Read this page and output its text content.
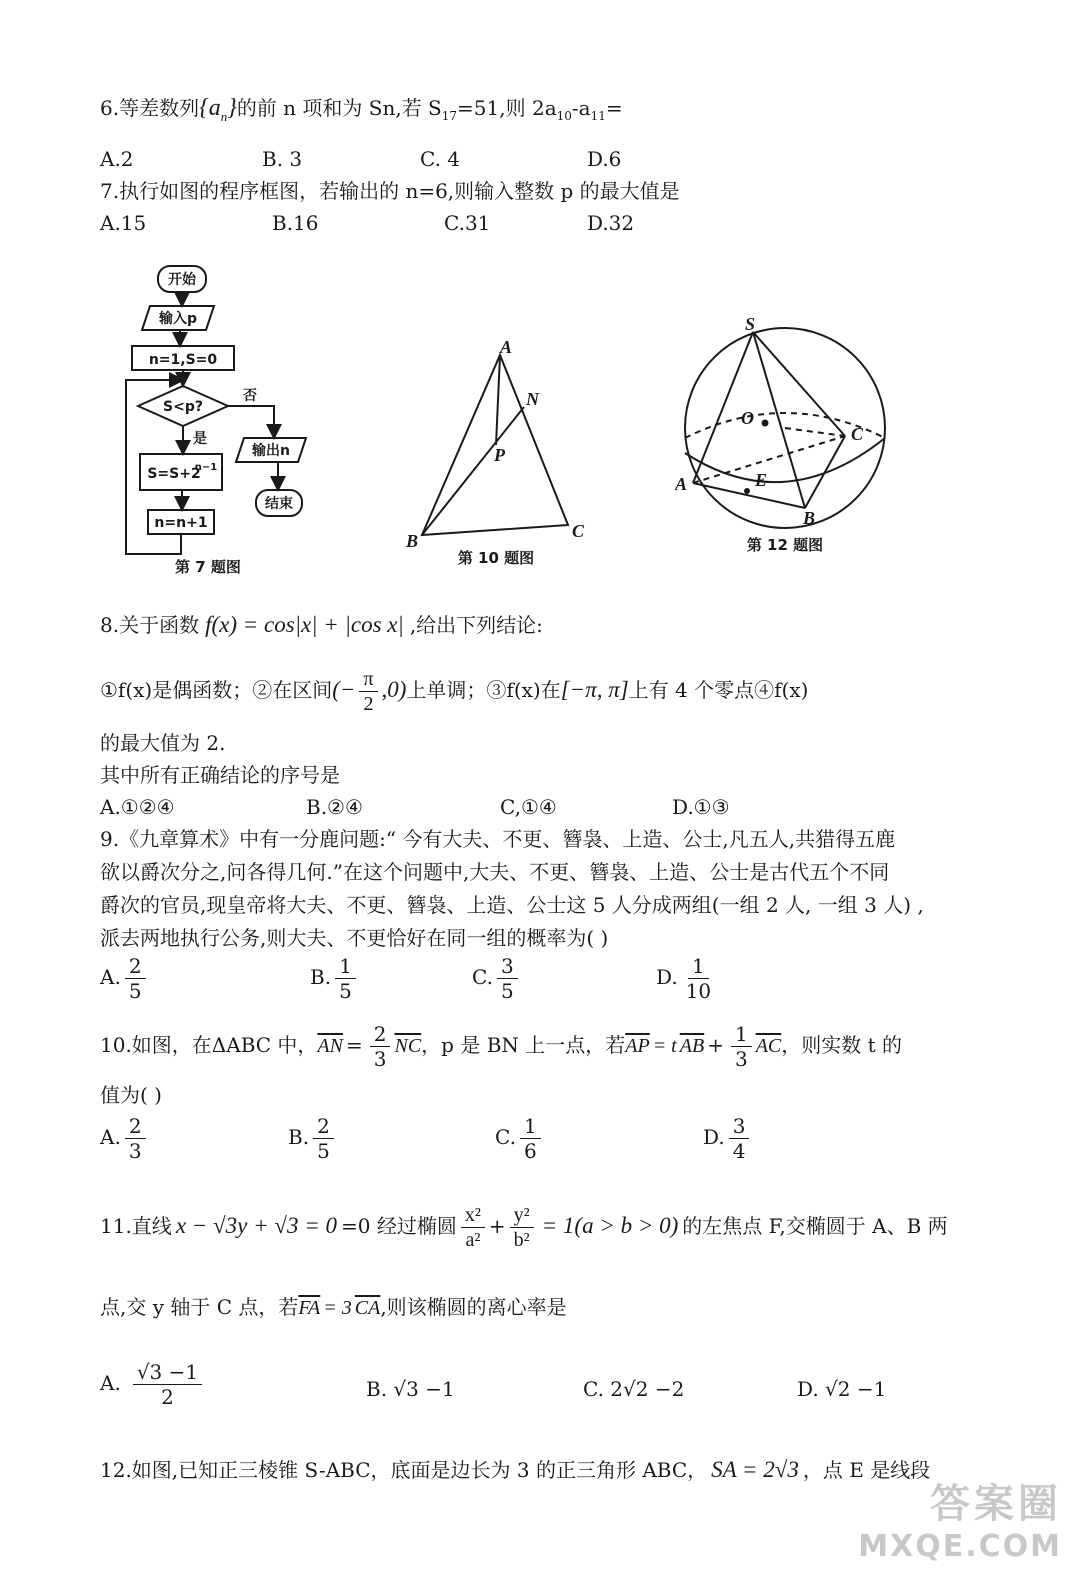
6.等差数列$\{a_n\}$的前 n 项和为 Sn,若 $S_{17}=51$,则 $2a_{10}-a_{11}=$
A.2	B. 3	C. 4	D.6
7.执行如图的程序框图，若输出的 n=6,则输入整数 p 的最大值是
A.15	B.16	C.31	D.32
开始
输入p
n=1,S=0
S<p?
否
是
S=S+2
n−1
n=n+1
输出n
结束
第 7 题图
A
B	C
N
P
第 10 题图
S
O
A
B
C
E
第 12 题图
8.关于函数 f(x) = cos|x| + |cos x| ,给出下列结论:
①f(x)是偶函数；②在区间(− $\frac{\pi}{2} ,0$)上单调；③f(x)在[−π, π]上有 4 个零点④f(x)
的最大值为 2.
其中所有正确结论的序号是
A.①②④	B.②④	C,①④	D.①③
9.《九章算术》中有一分鹿问题:“ 今有大夫、不更、簪袅、上造、公士,凡五人,共猎得五鹿
欲以爵次分之,问各得几何.”在这个问题中,大夫、不更、簪袅、上造、公士是古代五个不同
爵次的官员,现皇帝将大夫、不更、簪袅、上造、公士这 5 人分成两组(一组 2 人, 一组 3 人) ,
派去两地执行公务,则大夫、不更恰好在同一组的概率为( )
A. $\frac{2}{5}$	B. $\frac{1}{5}$	C. $\frac{3}{5}$	D. $\frac{1}{10}$
10.如图，在ΔABC 中，$\overline{AN} = \frac{2}{3} \overline{NC}$，p 是 BN 上一点，若$\overline{AP} = t$ $\overline{AB} + \frac{1}{3} \overline{AC}$，则实数 t 的
值为( )
A. $\frac{2}{3}$	B. $\frac{2}{5}$	C. $\frac{1}{6}$	D. $\frac{3}{4}$
11.直线 x − √3y + √3 = 0 =0 经过椭圆 $\frac{\text{x²}}{\text{a²}} + \frac{\text{y²}}{\text{b²}} = 1(a > b > 0)$ 的左焦点 F,交椭圆于 A、B 两
点,交 y 轴于 C 点，若$\overline{FA} = 3$ $\overline{CA}$,则该椭圆的离心率是
A. $\frac{√3 -1}{2}$	B. √3 −1	C. 2√2 −2	D. √2 −1
12.如图,已知正三棱锥 S-ABC，底面是边长为 3 的正三角形 ABC， SA = 2√3 ，点 E 是线段
答案圈
MXQE.COM
